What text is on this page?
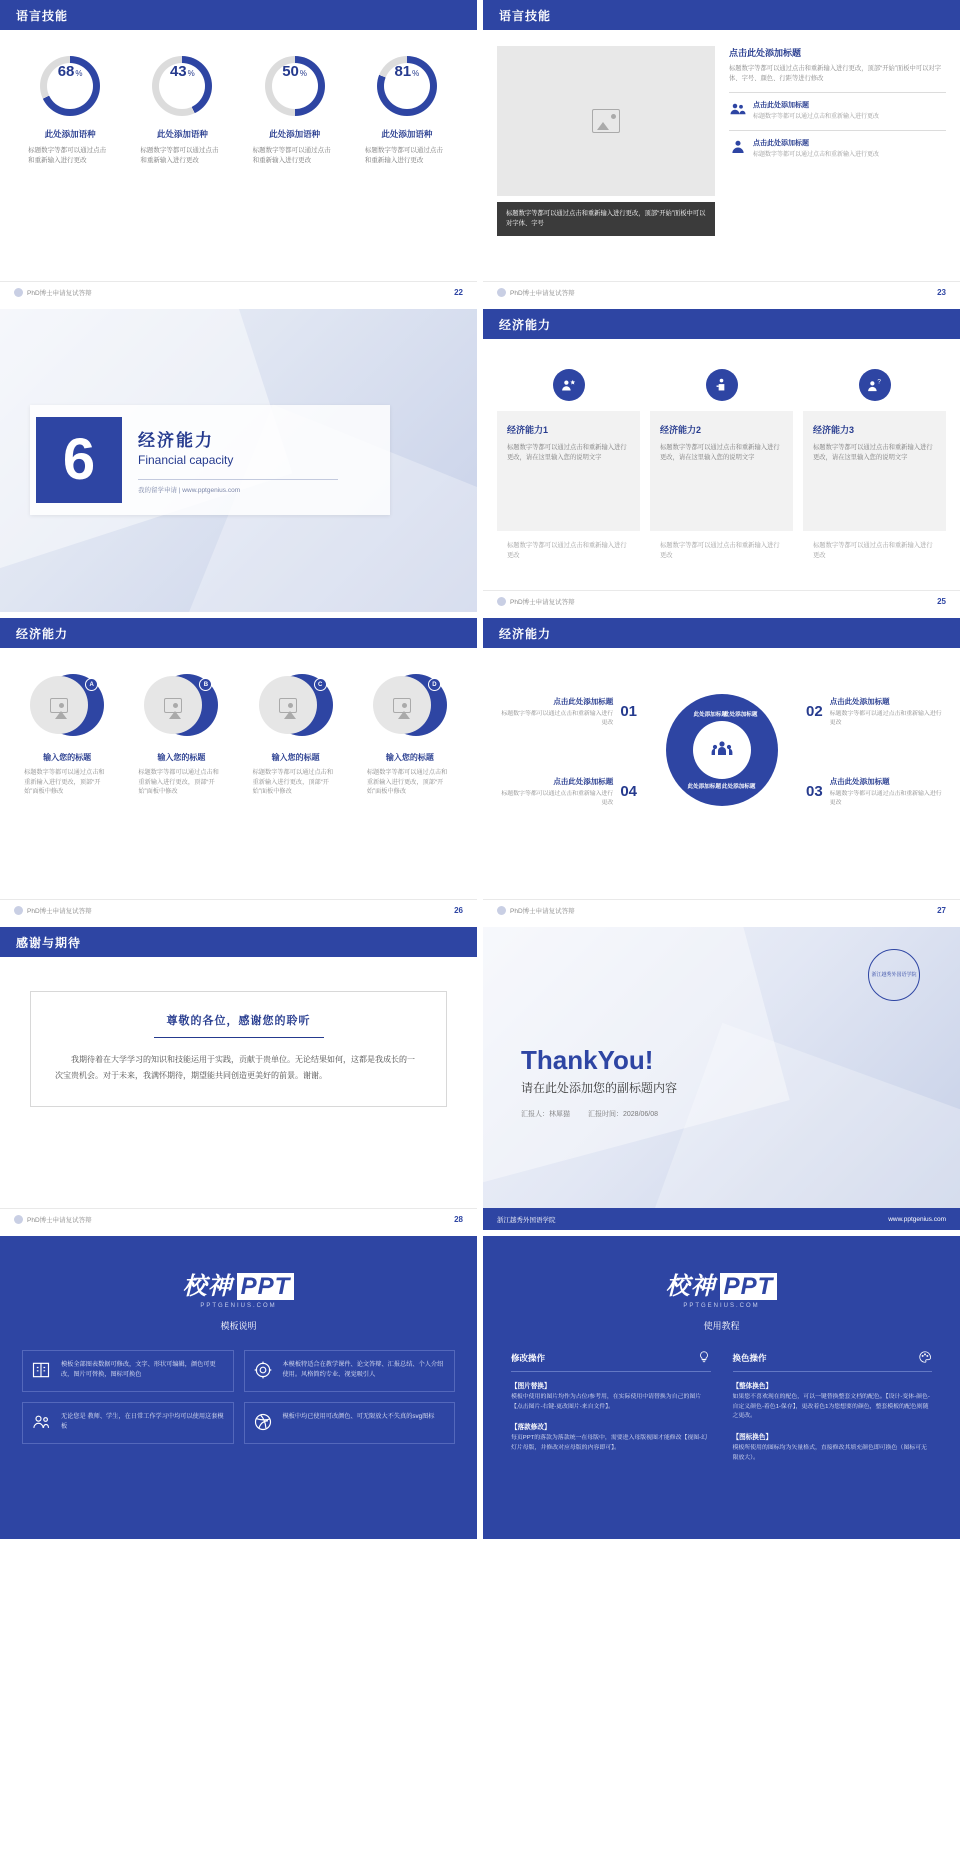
语言技能
68 %
此处添加语种

标题数字等都可以通过点击和重新输入进行更改

43 %
此处添加语种

标题数字等都可以通过点击和重新输入进行更改

50 %
此处添加语种

标题数字等都可以通过点击和重新输入进行更改

81 %
此处添加语种

标题数字等都可以通过点击和重新输入进行更改

PhD博士申请复试答辩	22
语言技能
点击此处添加标题

标题数字等都可以通过点击和重新输入进行更改，顶部“开始”面板中可以对字体、字号、颜色、行距等进行修改

点击此处添加标题

标题数字等都可以通过点击和重新输入进行更改

点击此处添加标题

标题数字等都可以通过点击和重新输入进行更改

标题数字等都可以通过点击和重新输入进行更改，顶部“开始”面板中可以对字体、字号
PhD博士申请复试答辩	23
6	经济能力
Financial capacity
我的留学申请 | www.pptgenius.com
经济能力
经济能力1

标题数字等都可以通过点击和重新输入进行更改，请在这里输入您的说明文字

标题数字等都可以通过点击和重新输入进行更改
经济能力2

标题数字等都可以通过点击和重新输入进行更改，请在这里输入您的说明文字

标题数字等都可以通过点击和重新输入进行更改
?
经济能力3

标题数字等都可以通过点击和重新输入进行更改，请在这里输入您的说明文字

标题数字等都可以通过点击和重新输入进行更改
PhD博士申请复试答辩	25
经济能力
A
输入您的标题

标题数字等都可以通过点击和重新输入进行更改，顶部“开始”面板中修改

B
输入您的标题

标题数字等都可以通过点击和重新输入进行更改，顶部“开始”面板中修改

C
输入您的标题

标题数字等都可以通过点击和重新输入进行更改，顶部“开始”面板中修改

D
输入您的标题

标题数字等都可以通过点击和重新输入进行更改，顶部“开始”面板中修改

PhD博士申请复试答辩	26
经济能力
此处添加标题
此处添加标题
此处添加标题
此处添加标题
点击此处添加标题

标题数字等都可以通过点击和重新输入进行更改

01	02
点击此处添加标题

标题数字等都可以通过点击和重新输入进行更改

点击此处添加标题

标题数字等都可以通过点击和重新输入进行更改

04	03
点击此处添加标题

标题数字等都可以通过点击和重新输入进行更改

PhD博士申请复试答辩	27
感谢与期待
尊敬的各位，感谢您的聆听

我期待着在大学学习的知识和技能运用于实践，贡献于贵单位。无论结果如何，这都是我成长的一次宝贵机会。对于未来，我满怀期待，期望能共同创造更美好的前景。谢谢。

PhD博士申请复试答辩	28
浙江越秀外国语学院
ThankYou!
请在此处添加您的副标题内容
汇报人：林犀猫	汇报时间：2028/06/08
浙江越秀外国语学院	www.pptgenius.com
校神 PPT
PPTGENIUS.COM
模板说明

模板全部图表数据可修改，文字、形状可编辑，颜色可更改，图片可替换，图标可换色

本模板特适合在教学课件、论文答辩、汇报总结、个人介绍使用。风格简约专业、视觉吸引人

无论您是 教师、学生，在日常工作学习中均可以使用这套模板

模板中均已使用可改颜色、可无限放大不失真的svg图标

校神 PPT
PPTGENIUS.COM
使用教程
修改操作
【图片替换】

模板中使用的图片均作为占位/参考用，在实际使用中请替换为自己的图片【点击图片-右键-更改图片-来自文件】。

【落款修改】

每页PPT的落款为落款统一在母版中，需要进入母版视图才能修改【视图-幻灯片母版，并修改对应母版的内容即可】。

换色操作
【整体换色】

如果您不喜欢现在的配色，可以一键替换整套文档的配色。【设计-变体-颜色-自定义颜色-着色1-保存】，更改着色1为您想要的颜色，整套模板的配色则随之更改。

【图标换色】

模板所使用的图标均为矢量格式，直接修改其填充颜色即可换色（图标可无限放大）。
